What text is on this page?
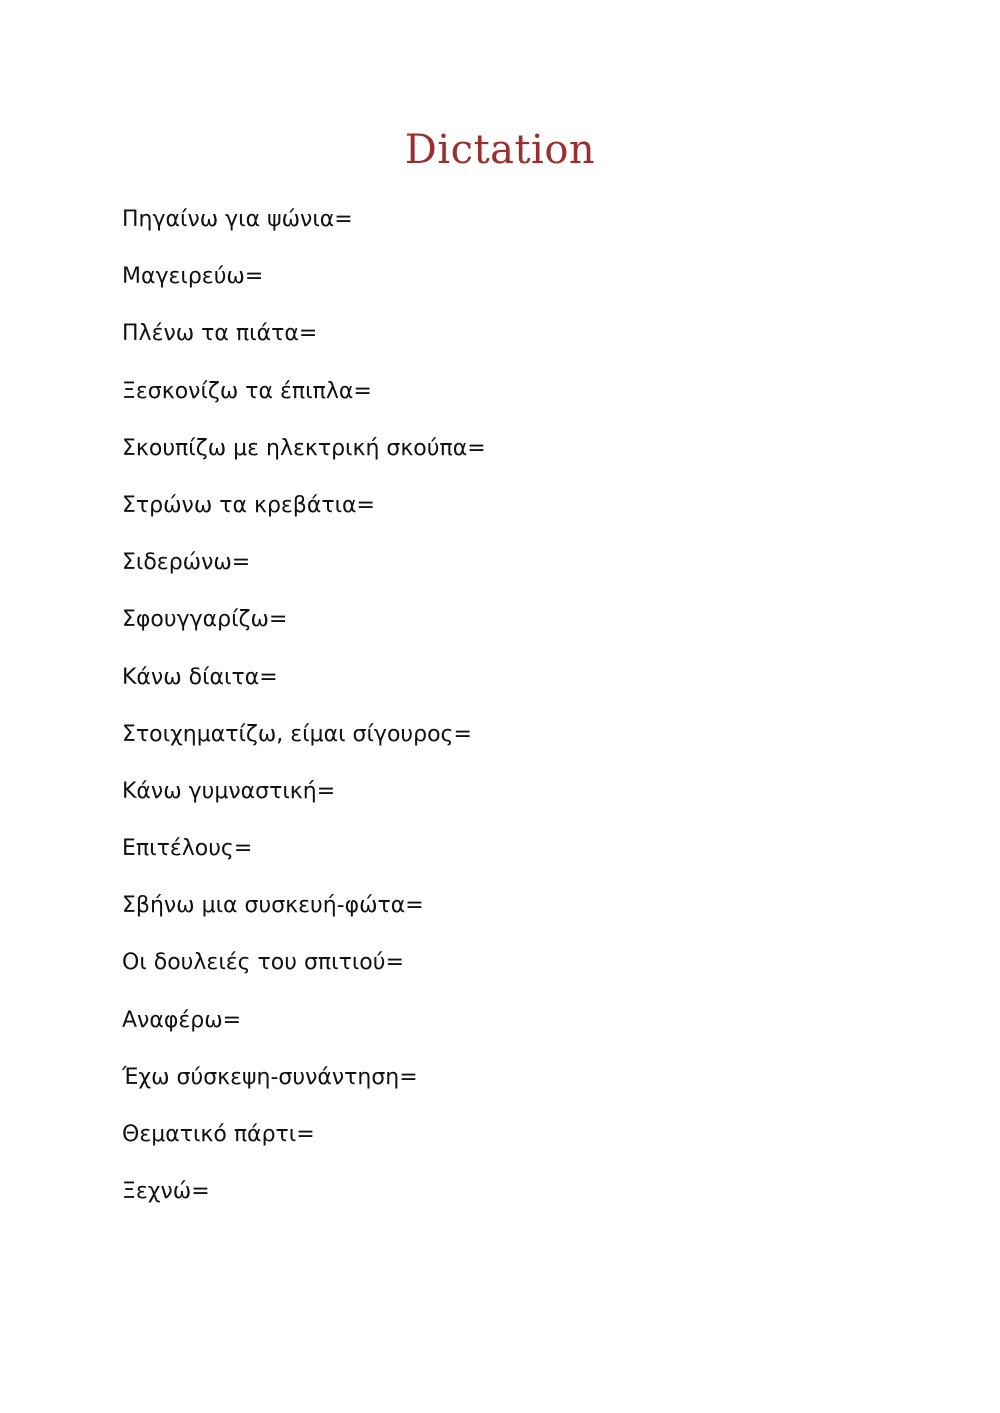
Dictation
Πηγαίνω για ψώνια=
Μαγειρεύω=
Πλένω τα πιάτα=
Ξεσκονίζω τα έπιπλα=
Σκουπίζω με ηλεκτρική σκούπα=
Στρώνω τα κρεβάτια=
Σιδερώνω=
Σφουγγαρίζω=
Κάνω δίαιτα=
Στοιχηματίζω, είμαι σίγουρος=
Κάνω γυμναστική=
Επιτέλους=
Σβήνω μια συσκευή-φώτα=
Οι δουλειές του σπιτιού=
Αναφέρω=
Έχω σύσκεψη-συνάντηση=
Θεματικό πάρτι=
Ξεχνώ=
